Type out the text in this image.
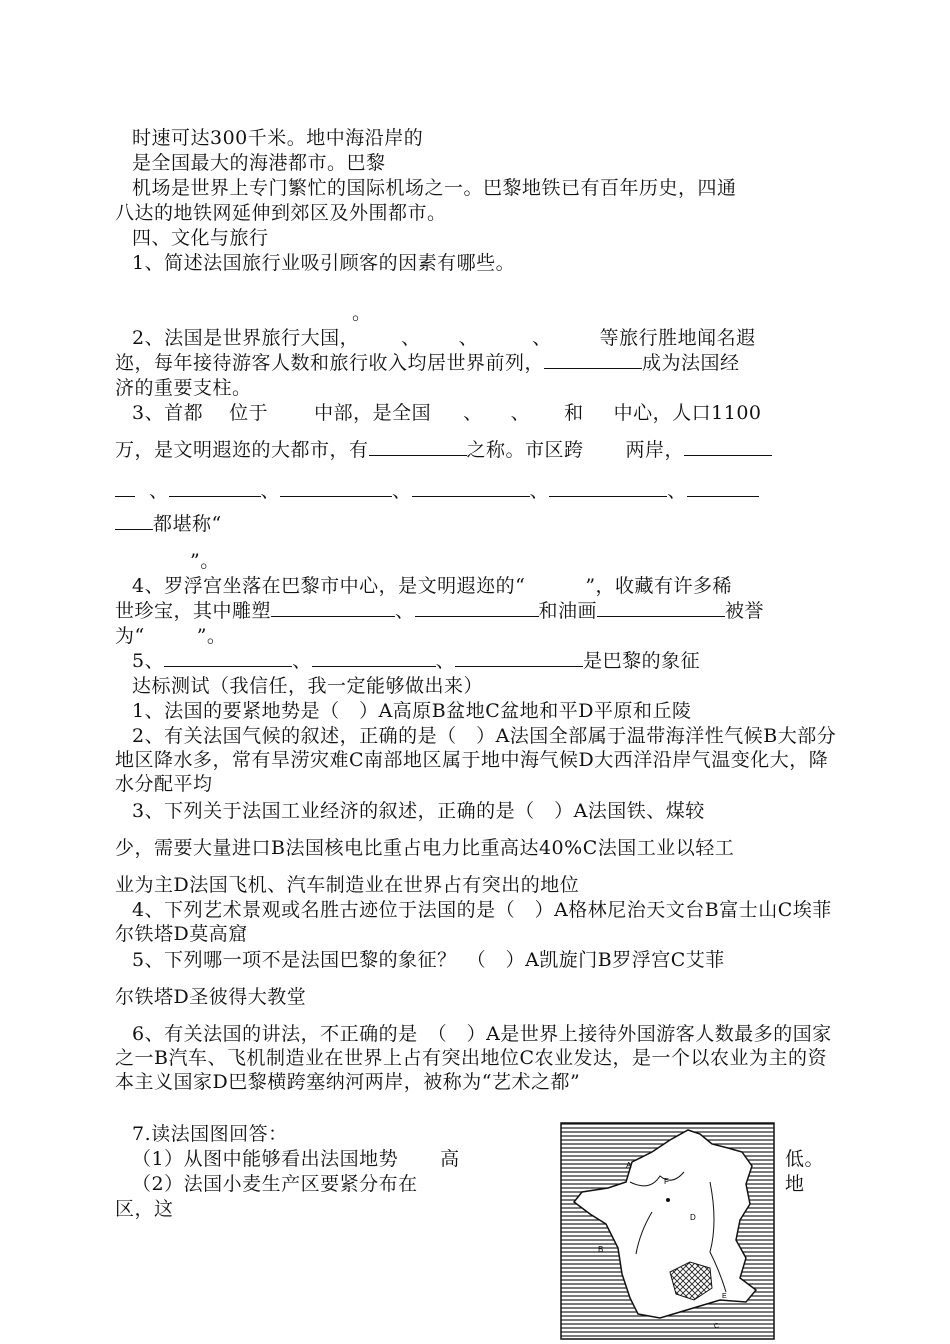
时速可达300千米。地中海沿岸的
是全国最大的海港都市。巴黎
机场是世界上专门繁忙的国际机场之一。巴黎地铁已有百年历史，四通
八达的地铁网延伸到郊区及外围都市。
四、文化与旅行
1、简述法国旅行业吸引顾客的因素有哪些。
。
2、法国是世界旅行大国， 、 、	、	等旅行胜地闻名遐
迩，每年接待游客人数和旅行收入均居世界前列，	成为法国经
济的重要支柱。
3、首都 位于 中部，是全国 、 、 和 中心，人口1100
万，是文明遐迩的大都市，有	之称。市区跨 两岸，
、	、	、	、	、
都堪称“
”。
4、罗浮宫坐落在巴黎市中心，是文明遐迩的“	”，收藏有许多稀
世珍宝，其中雕塑	、	和油画	被誉
为“	”。
5、	、	、	是巴黎的象征
达标测试（我信任，我一定能够做出来）
1、法国的要紧地势是（　）A高原B盆地C盆地和平D平原和丘陵
2、有关法国气候的叙述，正确的是（　）A法国全部属于温带海洋性气候B大部分地区降水多，常有旱涝灾难C南部地区属于地中海气候D大西洋沿岸气温变化大，降水分配平均
3、下列关于法国工业经济的叙述，正确的是（　）A法国铁、煤较
少，需要大量进口B法国核电比重占电力比重高达40%C法国工业以轻工
业为主D法国飞机、汽车制造业在世界占有突出的地位
4、下列艺术景观或名胜古迹位于法国的是（　）A格林尼治天文台B富士山C埃菲尔铁塔D莫高窟
5、下列哪一项不是法国巴黎的象征？　（　）A凯旋门B罗浮宫C艾菲
尔铁塔D圣彼得大教堂
6、有关法国的讲法，不正确的是　（　）A是世界上接待外国游客人数最多的国家之一B汽车、飞机制造业在世界上占有突出地位C农业发达，是一个以农业为主的资本主义国家D巴黎横跨塞纳河两岸，被称为“艺术之都”
7.读法国图回答：
（1）从图中能够看出法国地势 高	低。
（2）法国小麦生产区要紧分布在	地
区，这
A
F
D
B
E
C
